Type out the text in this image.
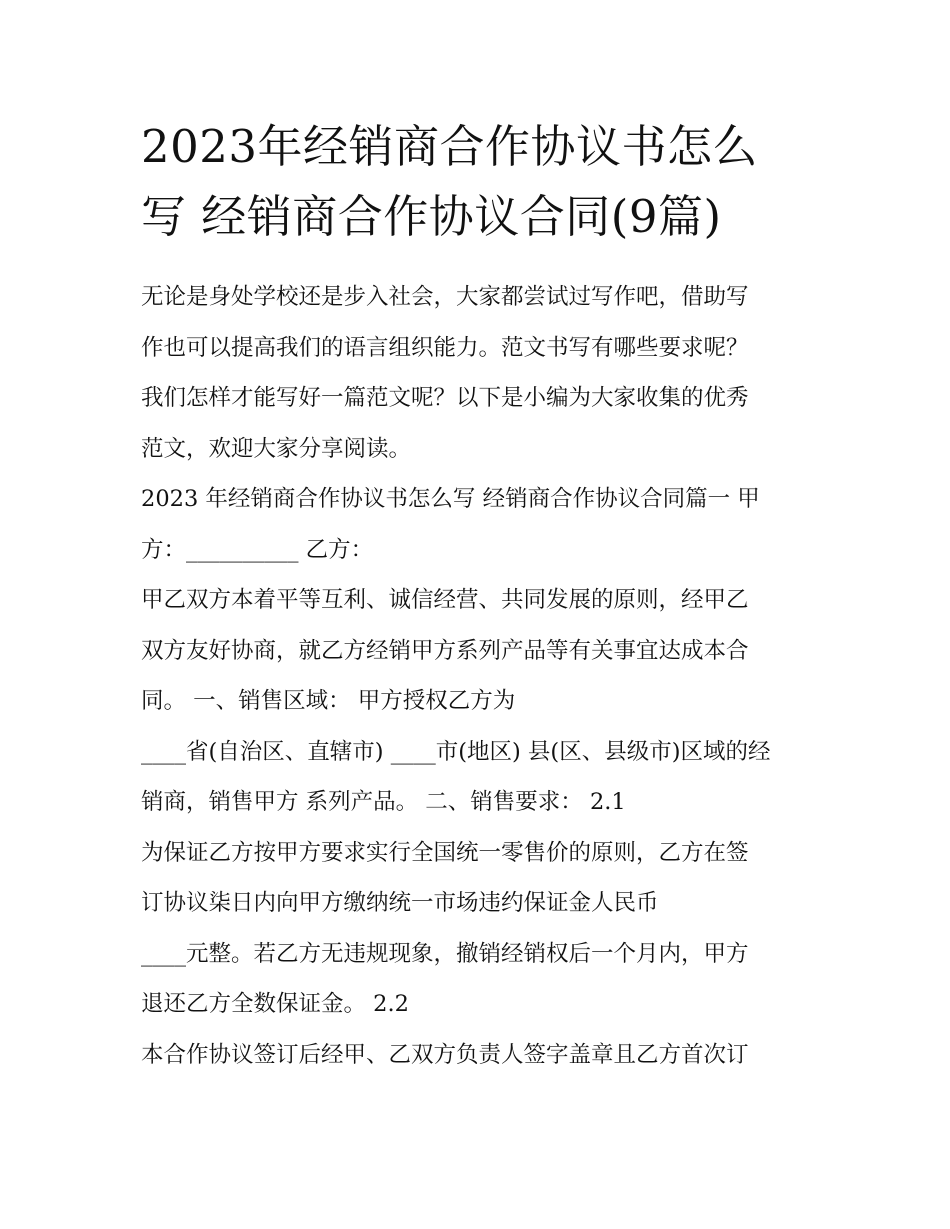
2023年经销商合作协议书怎么
写 经销商合作协议合同(9篇)
无论是身处学校还是步入社会，大家都尝试过写作吧，借助写
作也可以提高我们的语言组织能力。范文书写有哪些要求呢？
我们怎样才能写好一篇范文呢？以下是小编为大家收集的优秀
范文，欢迎大家分享阅读。
2023 年经销商合作协议书怎么写 经销商合作协议合同篇一 甲
方：__________ 乙方：
甲乙双方本着平等互利、诚信经营、共同发展的原则，经甲乙
双方友好协商，就乙方经销甲方系列产品等有关事宜达成本合
同。 一、销售区域： 甲方授权乙方为
____省(自治区、直辖市) ____市(地区) 县(区、县级市)区域的经
销商，销售甲方 系列产品。 二、销售要求： 2.1
为保证乙方按甲方要求实行全国统一零售价的原则，乙方在签
订协议柒日内向甲方缴纳统一市场违约保证金人民币
____元整。若乙方无违规现象，撤销经销权后一个月内，甲方
退还乙方全数保证金。 2.2
本合作协议签订后经甲、乙双方负责人签字盖章且乙方首次订
